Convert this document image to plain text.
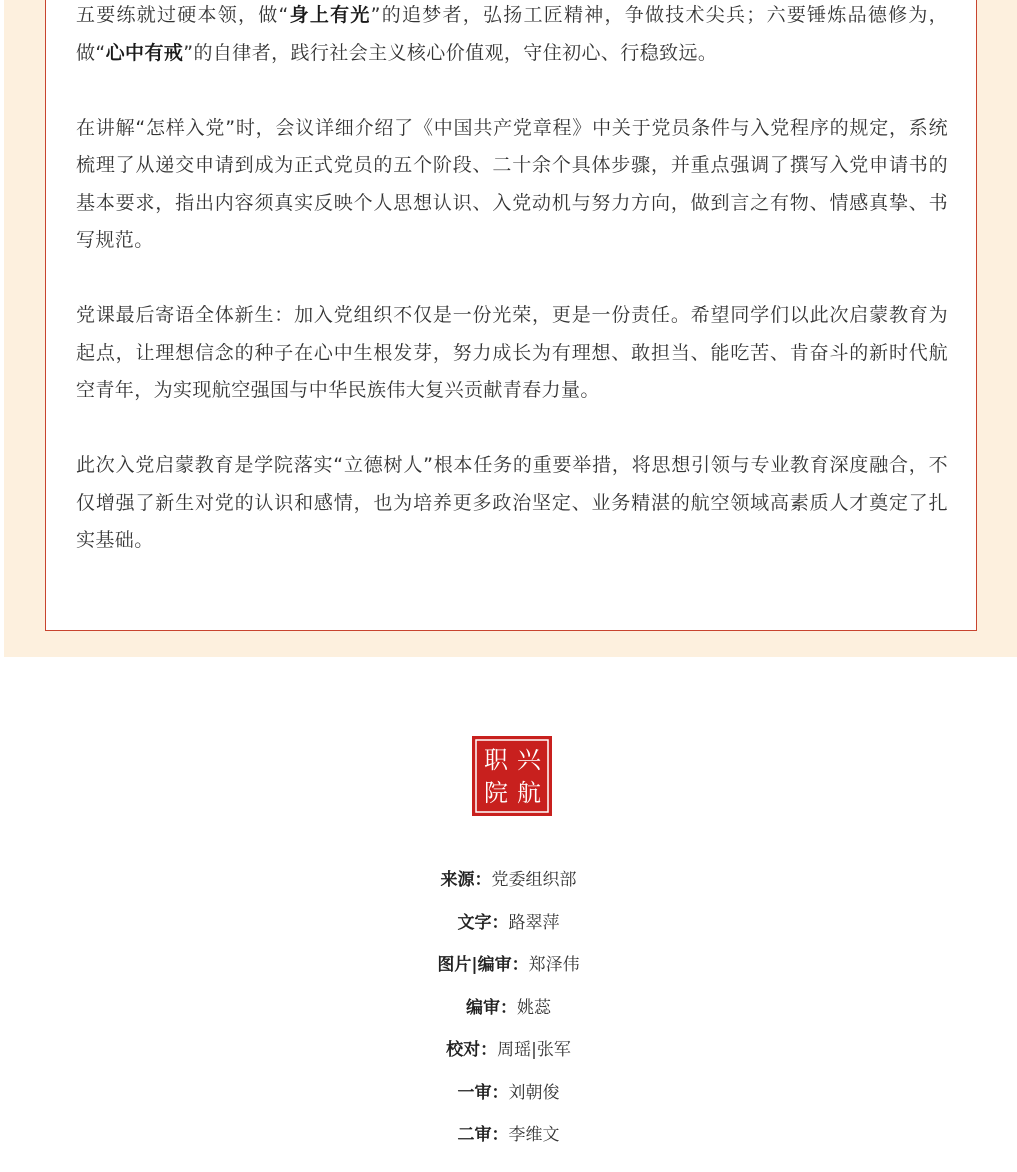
五要练就过硬本领，做“身上有光”的追梦者，弘扬工匠精神，争做技术尖兵；六要锤炼品德修为，做“心中有戒”的自律者，践行社会主义核心价值观，守住初心、行稳致远。

在讲解“怎样入党”时，会议详细介绍了《中国共产党章程》中关于党员条件与入党程序的规定，系统梳理了从递交申请到成为正式党员的五个阶段、二十余个具体步骤，并重点强调了撰写入党申请书的基本要求，指出内容须真实反映个人思想认识、入党动机与努力方向，做到言之有物、情感真挚、书写规范。

党课最后寄语全体新生：加入党组织不仅是一份光荣，更是一份责任。希望同学们以此次启蒙教育为起点，让理想信念的种子在心中生根发芽，努力成长为有理想、敢担当、能吃苦、肯奋斗的新时代航空青年，为实现航空强国与中华民族伟大复兴贡献青春力量。

此次入党启蒙教育是学院落实“立德树人”根本任务的重要举措，将思想引领与专业教育深度融合，不仅增强了新生对党的认识和感情，也为培养更多政治坚定、业务精湛的航空领域高素质人才奠定了扎实基础。

兴
职
航
院
来源：党委组织部
文字：路翠萍
图片|编审：郑泽伟
编审：姚蕊
校对：周瑶|张军
一审：刘朝俊
二审：李维文
